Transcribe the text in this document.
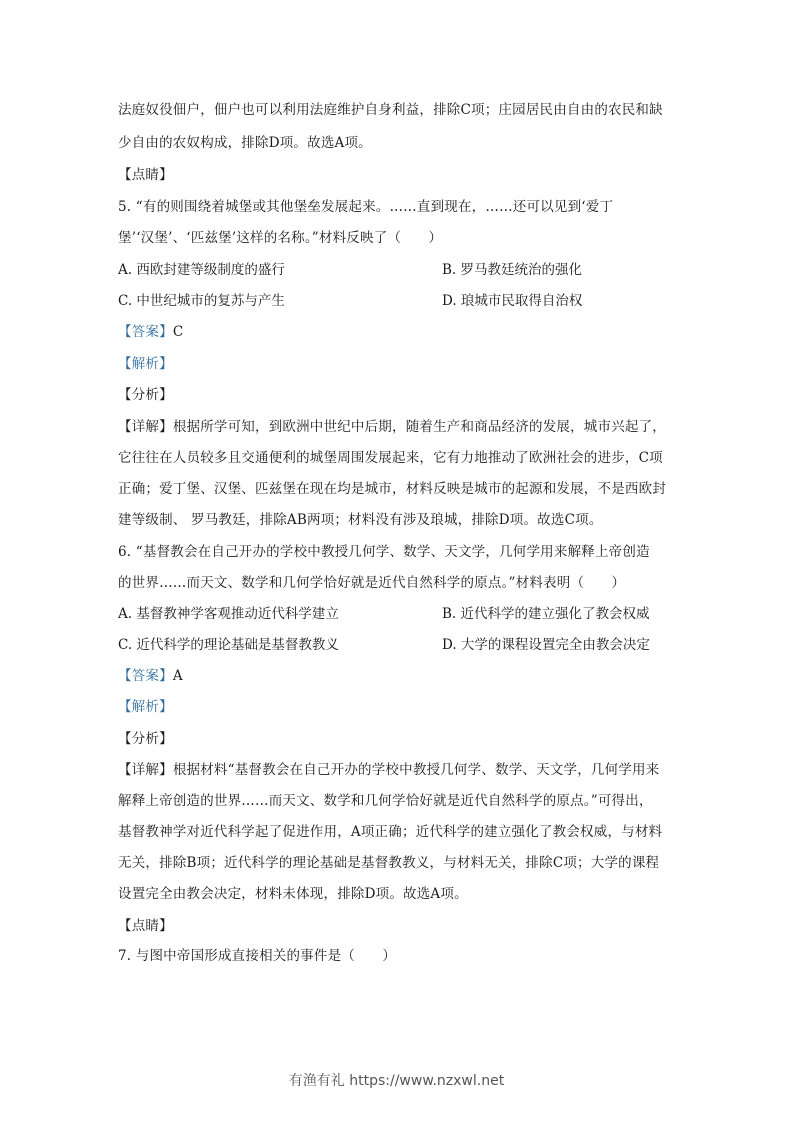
法庭奴役佃户，佃户也可以利用法庭维护自身利益，排除C项；庄园居民由自由的农民和缺
少自由的农奴构成，排除D项。故选A项。
【点睛】
5. “有的则围绕着城堡或其他堡垒发展起来。……直到现在，……还可以见到‘爱丁
堡’‘汉堡’、‘匹兹堡’这样的名称。”材料反映了（　　）
A. 西欧封建等级制度的盛行	B. 罗马教廷统治的强化
C. 中世纪城市的复苏与产生	D. 琅城市民取得自治权
【答案】C
【解析】
【分析】
【详解】根据所学可知，到欧洲中世纪中后期，随着生产和商品经济的发展，城市兴起了，
它往往在人员较多且交通便利的城堡周围发展起来，它有力地推动了欧洲社会的进步，C项
正确；爱丁堡、汉堡、匹兹堡在现在均是城市，材料反映是城市的起源和发展，不是西欧封
建等级制、 罗马教廷，排除AB两项；材料没有涉及琅城，排除D项。故选C项。
6. “基督教会在自己开办的学校中教授几何学、数学、天文学，几何学用来解释上帝创造
的世界……而天文、数学和几何学恰好就是近代自然科学的原点。”材料表明（　　）
A. 基督教神学客观推动近代科学建立	B. 近代科学的建立强化了教会权威
C. 近代科学的理论基础是基督教教义	D. 大学的课程设置完全由教会决定
【答案】A
【解析】
【分析】
【详解】根据材料“基督教会在自己开办的学校中教授几何学、数学、天文学，几何学用来
解释上帝创造的世界……而天文、数学和几何学恰好就是近代自然科学的原点。”可得出，
基督教神学对近代科学起了促进作用，A项正确；近代科学的建立强化了教会权威，与材料
无关，排除B项；近代科学的理论基础是基督教教义，与材料无关，排除C项；大学的课程
设置完全由教会决定，材料未体现，排除D项。故选A项。
【点睛】
7. 与图中帝国形成直接相关的事件是（　　）
有渔有礼 https://www.nzxwl.net
